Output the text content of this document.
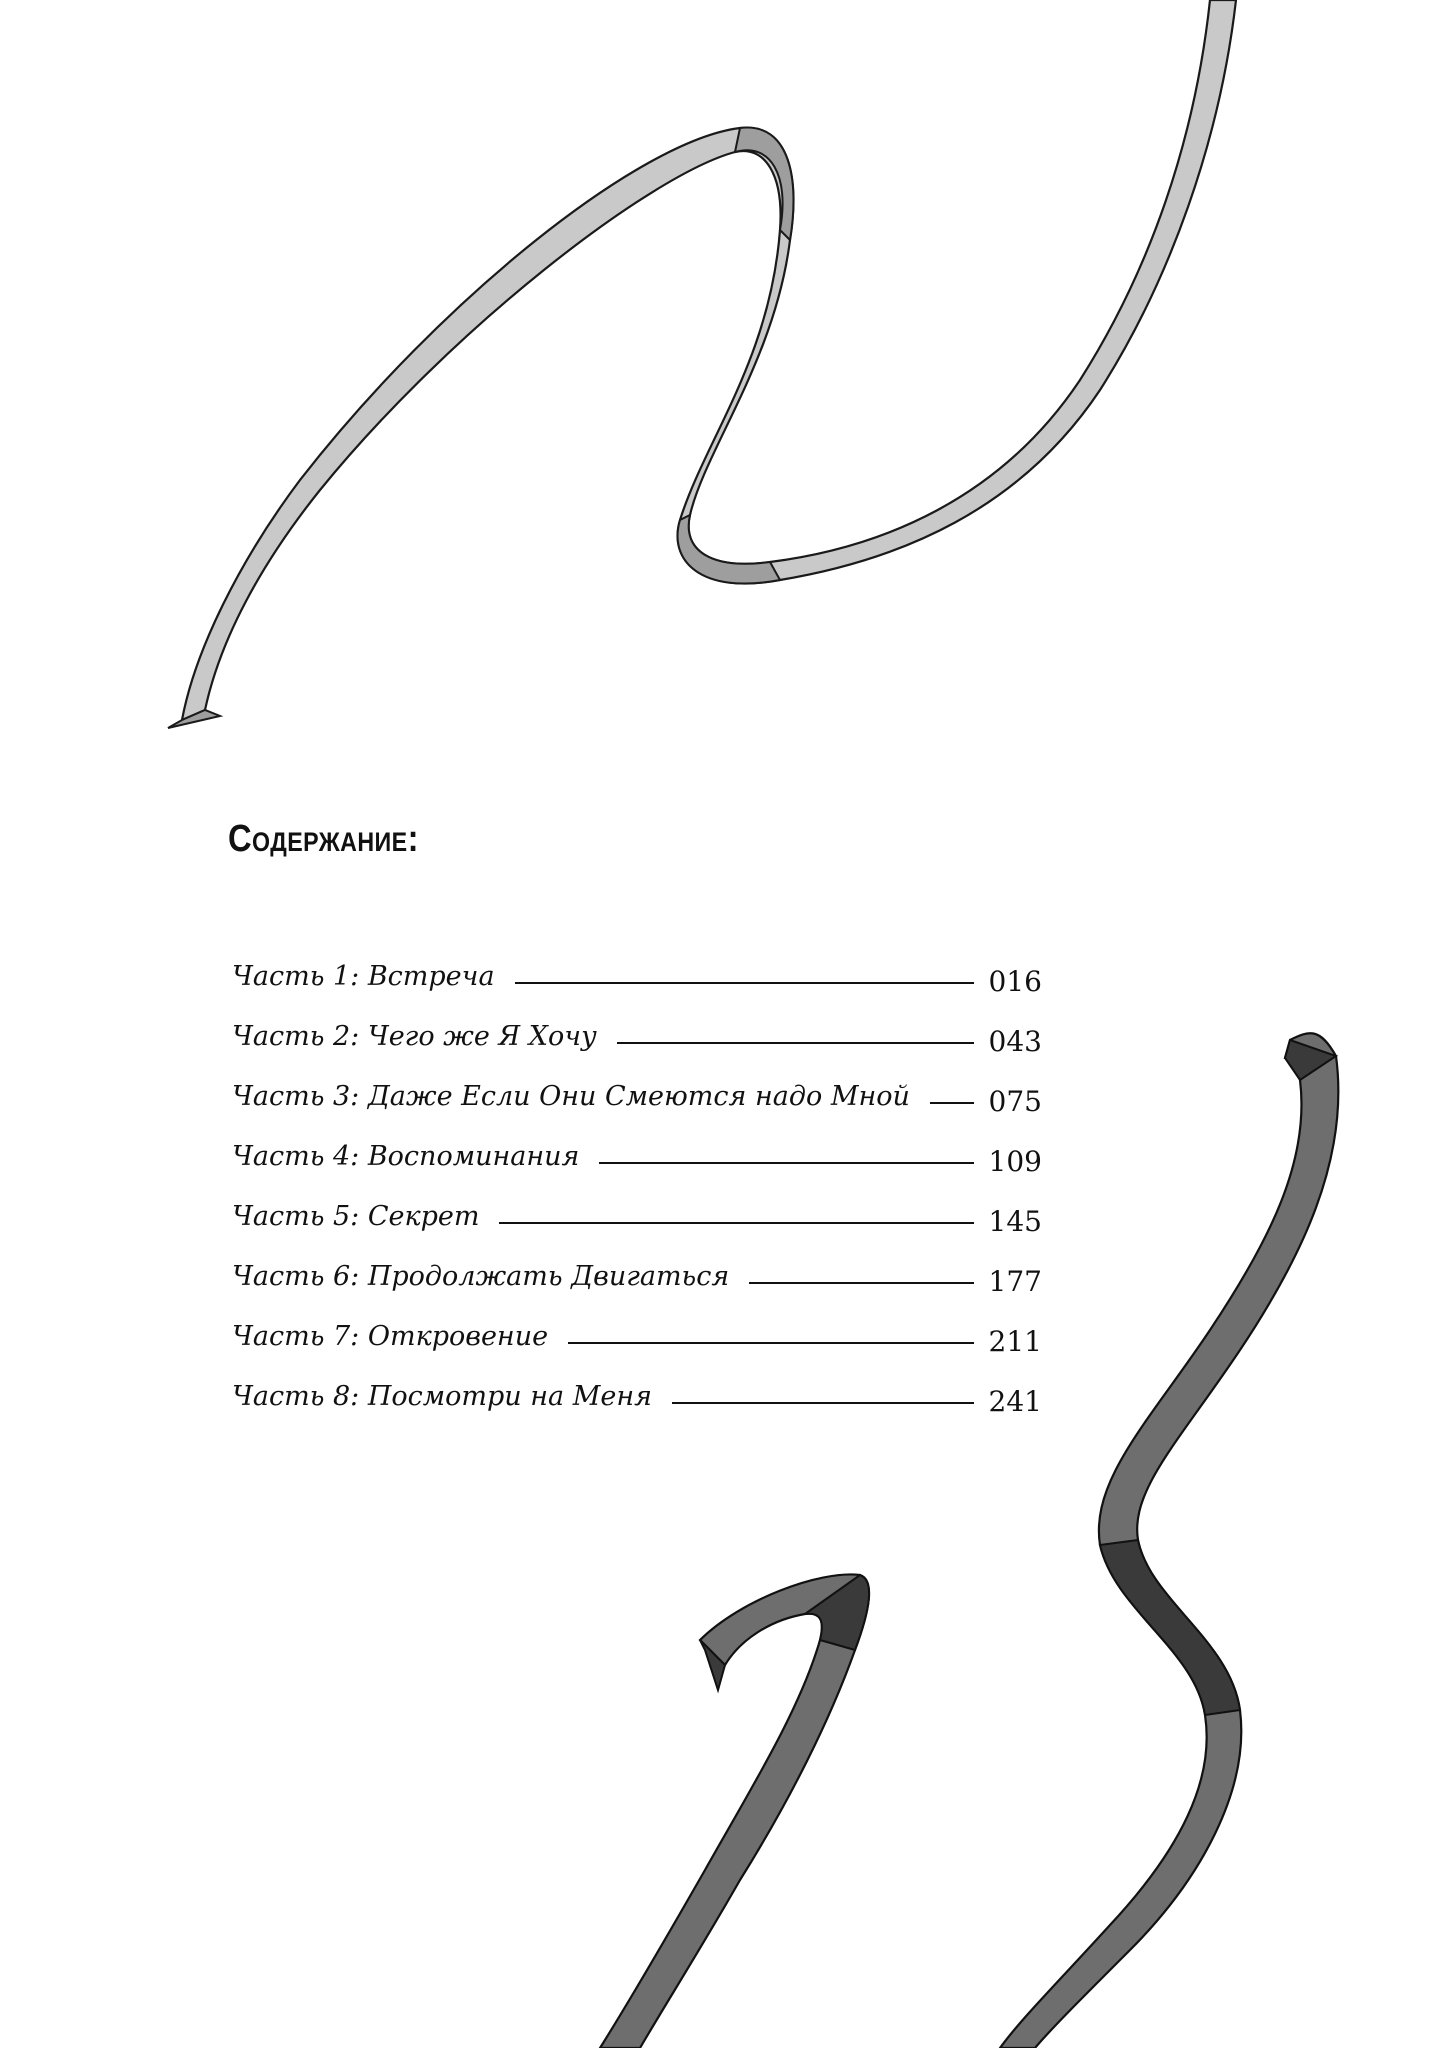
Содержание:
Часть 1: Встреча	016
Часть 2: Чего же Я Хочу	043
Часть 3: Даже Если Они Смеются надо Мной	075
Часть 4: Воспоминания	109
Часть 5: Секрет	145
Часть 6: Продолжать Двигаться	177
Часть 7: Откровение	211
Часть 8: Посмотри на Меня	241
